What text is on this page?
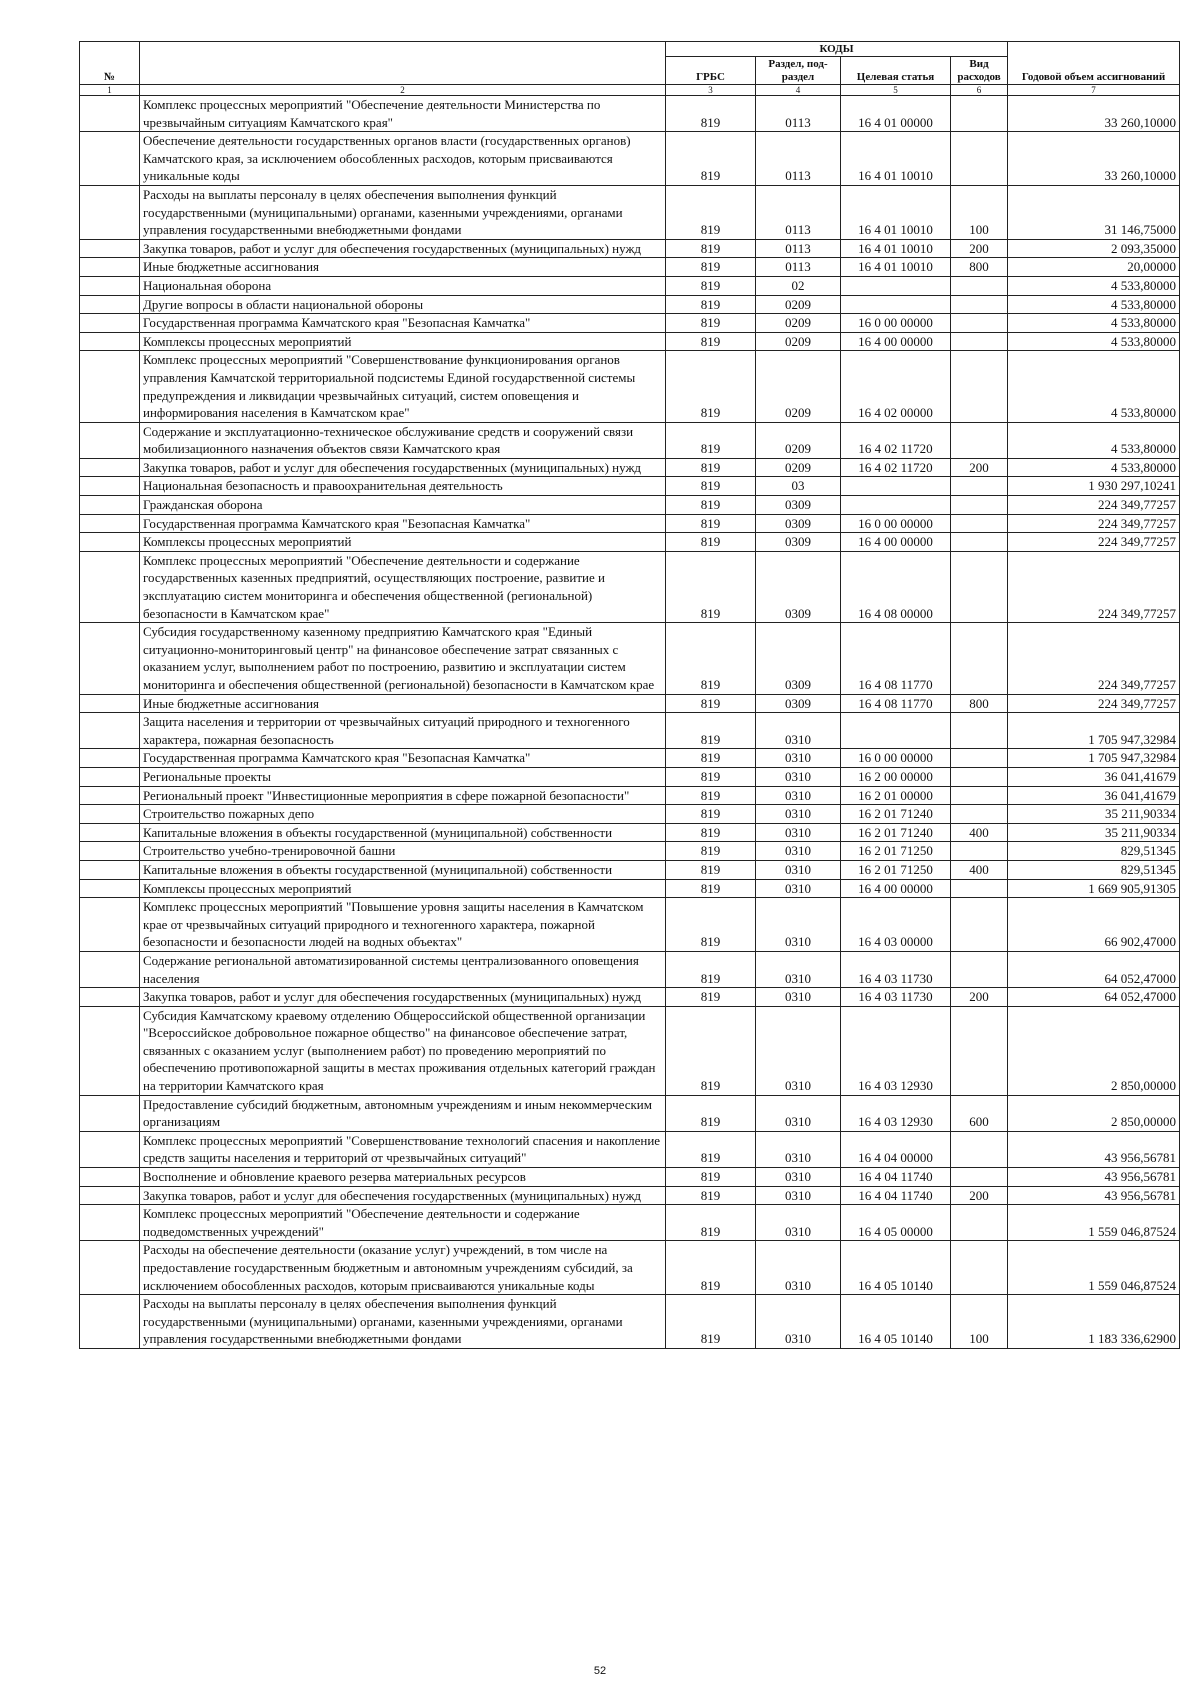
№		КОДЫ				Годовой объем ассигнований
		ГРБС	Раздел, под-раздел	Целевая статья	Вид расходов	
1	2	3	4	5	6	7
	Комплекс процессных мероприятий "Обеспечение деятельности Министерства по чрезвычайным ситуациям Камчатского края"	819	0113	16 4 01 00000		33 260,10000
	Обеспечение деятельности государственных органов власти (государственных органов) Камчатского края, за исключением обособленных расходов, которым присваиваются уникальные коды	819	0113	16 4 01 10010		33 260,10000
	Расходы на выплаты персоналу в целях обеспечения выполнения функций государственными (муниципальными) органами, казенными учреждениями, органами управления государственными внебюджетными фондами	819	0113	16 4 01 10010	100	31 146,75000
	Закупка товаров, работ и услуг для обеспечения государственных (муниципальных) нужд	819	0113	16 4 01 10010	200	2 093,35000
	Иные бюджетные ассигнования	819	0113	16 4 01 10010	800	20,00000
	Национальная оборона	819	02			4 533,80000
	Другие вопросы в области национальной обороны	819	0209			4 533,80000
	Государственная программа Камчатского края "Безопасная Камчатка"	819	0209	16 0 00 00000		4 533,80000
	Комплексы процессных мероприятий	819	0209	16 4 00 00000		4 533,80000
	Комплекс процессных мероприятий "Совершенствование функционирования органов управления Камчатской территориальной подсистемы Единой государственной системы предупреждения и ликвидации чрезвычайных ситуаций, систем оповещения и информирования населения в Камчатском крае"	819	0209	16 4 02 00000		4 533,80000
	Содержание и эксплуатационно-техническое обслуживание средств и сооружений связи мобилизационного назначения объектов связи Камчатского края	819	0209	16 4 02 11720		4 533,80000
	Закупка товаров, работ и услуг для обеспечения государственных (муниципальных) нужд	819	0209	16 4 02 11720	200	4 533,80000
	Национальная безопасность и правоохранительная деятельность	819	03			1 930 297,10241
	Гражданская оборона	819	0309			224 349,77257
	Государственная программа Камчатского края "Безопасная Камчатка"	819	0309	16 0 00 00000		224 349,77257
	Комплексы процессных мероприятий	819	0309	16 4 00 00000		224 349,77257
	Комплекс процессных мероприятий "Обеспечение деятельности и содержание государственных казенных предприятий, осуществляющих построение, развитие и эксплуатацию систем мониторинга и обеспечения общественной (региональной) безопасности в Камчатском крае"	819	0309	16 4 08 00000		224 349,77257
	Субсидия государственному казенному предприятию Камчатского края "Единый ситуационно-мониторинговый центр" на финансовое обеспечение затрат связанных с оказанием услуг, выполнением работ по построению, развитию и эксплуатации систем мониторинга и обеспечения общественной (региональной) безопасности в Камчатском крае	819	0309	16 4 08 11770		224 349,77257
	Иные бюджетные ассигнования	819	0309	16 4 08 11770	800	224 349,77257
	Защита населения и территории от чрезвычайных ситуаций природного и техногенного характера, пожарная безопасность	819	0310			1 705 947,32984
	Государственная программа Камчатского края "Безопасная Камчатка"	819	0310	16 0 00 00000		1 705 947,32984
	Региональные проекты	819	0310	16 2 00 00000		36 041,41679
	Региональный проект "Инвестиционные мероприятия в сфере пожарной безопасности"	819	0310	16 2 01 00000		36 041,41679
	Строительство пожарных депо	819	0310	16 2 01 71240		35 211,90334
	Капитальные вложения в объекты государственной (муниципальной) собственности	819	0310	16 2 01 71240	400	35 211,90334
	Строительство учебно-тренировочной башни	819	0310	16 2 01 71250		829,51345
	Капитальные вложения в объекты государственной (муниципальной) собственности	819	0310	16 2 01 71250	400	829,51345
	Комплексы процессных мероприятий	819	0310	16 4 00 00000		1 669 905,91305
	Комплекс процессных мероприятий "Повышение уровня защиты населения в Камчатском крае от чрезвычайных ситуаций природного и техногенного характера, пожарной безопасности и безопасности людей на водных объектах"	819	0310	16 4 03 00000		66 902,47000
	Содержание региональной автоматизированной системы централизованного оповещения населения	819	0310	16 4 03 11730		64 052,47000
	Закупка товаров, работ и услуг для обеспечения государственных (муниципальных) нужд	819	0310	16 4 03 11730	200	64 052,47000
	Субсидия Камчатскому краевому отделению Общероссийской общественной организации "Всероссийское добровольное пожарное общество" на финансовое обеспечение затрат, связанных с оказанием услуг (выполнением работ) по проведению мероприятий по обеспечению противопожарной защиты в местах проживания отдельных категорий граждан на территории Камчатского края	819	0310	16 4 03 12930		2 850,00000
	Предоставление субсидий бюджетным, автономным учреждениям и иным некоммерческим организациям	819	0310	16 4 03 12930	600	2 850,00000
	Комплекс процессных мероприятий "Совершенствование технологий спасения и накопление средств защиты населения и территорий от чрезвычайных ситуаций"	819	0310	16 4 04 00000		43 956,56781
	Восполнение и обновление краевого резерва материальных ресурсов	819	0310	16 4 04 11740		43 956,56781
	Закупка товаров, работ и услуг для обеспечения государственных (муниципальных) нужд	819	0310	16 4 04 11740	200	43 956,56781
	Комплекс процессных мероприятий "Обеспечение деятельности и содержание подведомственных учреждений"	819	0310	16 4 05 00000		1 559 046,87524
	Расходы на обеспечение деятельности (оказание услуг) учреждений, в том числе на предоставление государственным бюджетным и автономным учреждениям субсидий, за исключением обособленных расходов, которым присваиваются уникальные коды	819	0310	16 4 05 10140		1 559 046,87524
	Расходы на выплаты персоналу в целях обеспечения выполнения функций государственными (муниципальными) органами, казенными учреждениями, органами управления государственными внебюджетными фондами	819	0310	16 4 05 10140	100	1 183 336,62900
52
